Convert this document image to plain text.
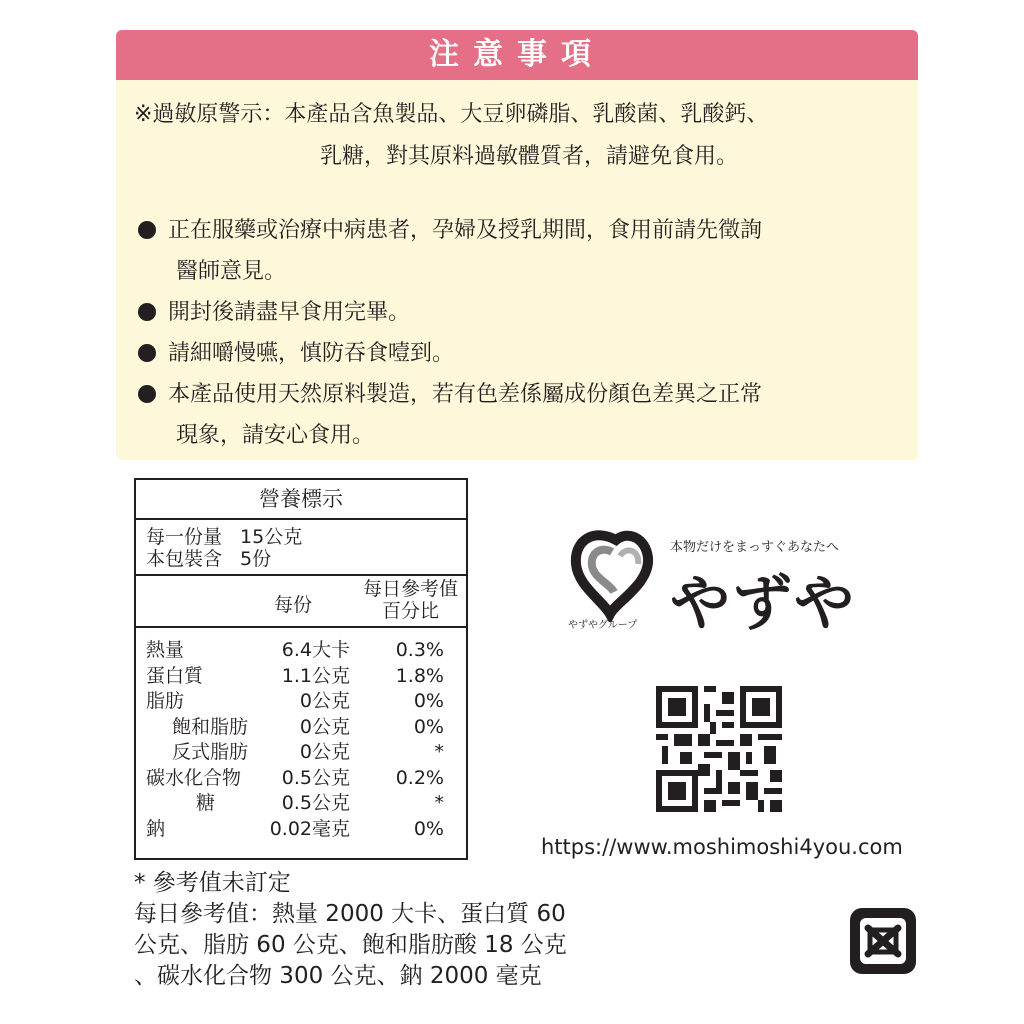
注意事項
※過敏原警示：本產品含魚製品、大豆卵磷脂、乳酸菌、乳酸鈣、
乳糖，對其原料過敏體質者，請避免食用。
正在服藥或治療中病患者，孕婦及授乳期間，食用前請先徵詢
醫師意見。
開封後請盡早食用完畢。
請細嚼慢嚥，慎防吞食噎到。
本產品使用天然原料製造，若有色差係屬成份顏色差異之正常
現象，請安心食用。
營養標示
每一份量 15公克
本包裝含 5份
每份
每日參考值
百分比
熱量	6.4大卡 0.3%
蛋白質	1.1公克 1.8%
脂肪	0公克	0%
飽和脂肪	0公克	0%
反式脂肪	0公克	*
碳水化合物 0.5公克 0.2%
糖	0.5公克	*
鈉	0.02毫克	0%
* 參考值未訂定
每日參考值：熱量 2000 大卡、蛋白質 60
公克、脂肪 60 公克、飽和脂肪酸 18 公克
、碳水化合物 300 公克、鈉 2000 毫克
本物だけをまっすぐあなたへ
やずや
やずやグループ
https://www.moshimoshi4you.com
